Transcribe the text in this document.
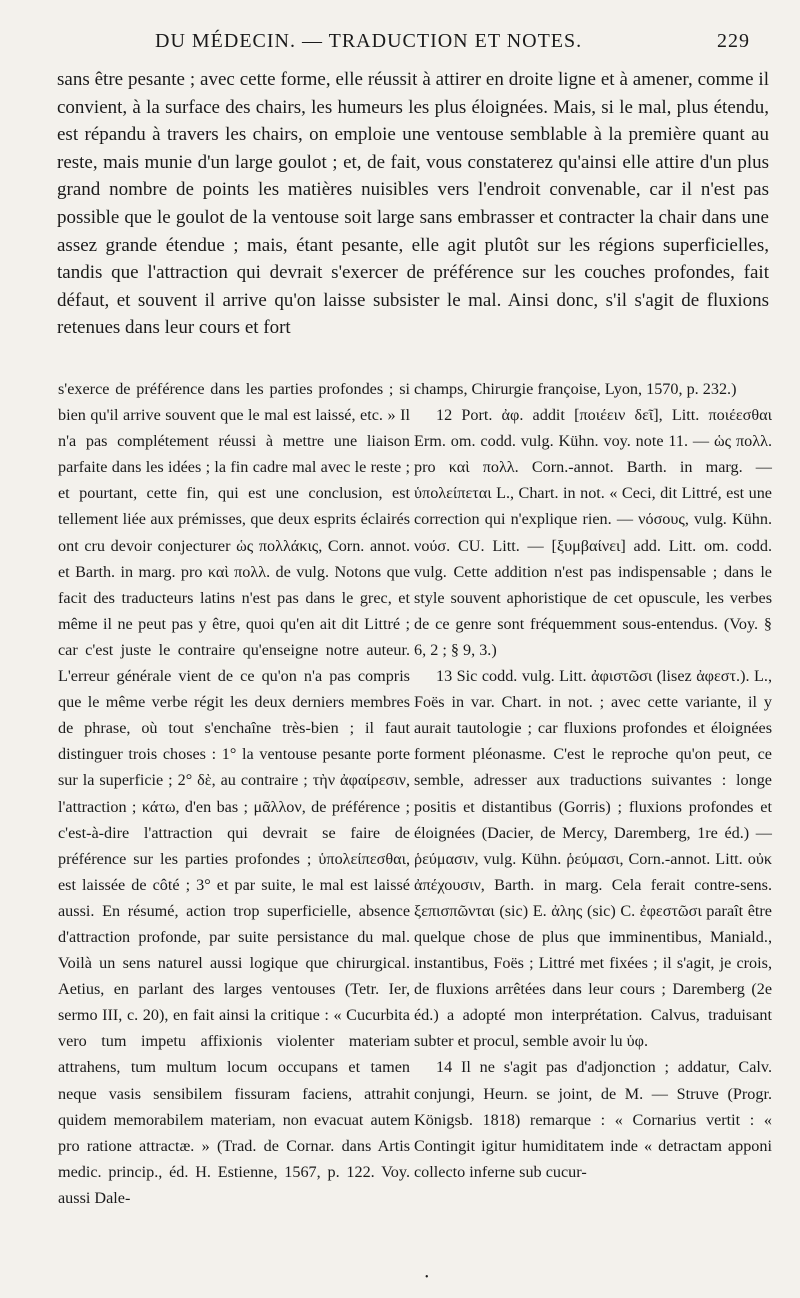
DU MÉDECIN. — TRADUCTION ET NOTES.	229

sans être pesante ; avec cette forme, elle réussit à attirer en droite ligne et à amener, comme il convient, à la surface des chairs, les humeurs les plus éloignées. Mais, si le mal, plus étendu, est répandu à travers les chairs, on emploie une ventouse semblable à la première quant au reste, mais munie d'un large goulot ; et, de fait, vous constaterez qu'ainsi elle attire d'un plus grand nombre de points les matières nuisibles vers l'endroit convenable, car il n'est pas possible que le goulot de la ventouse soit large sans embrasser et contracter la chair dans une assez grande étendue ; mais, étant pesante, elle agit plutôt sur les régions superficielles, tandis que l'attraction qui devrait s'exercer de préférence sur les couches profondes, fait défaut, et souvent il arrive qu'on laisse subsister le mal. Ainsi donc, s'il s'agit de fluxions retenues dans leur cours et fort

s'exerce de préférence dans les parties profondes ; si bien qu'il arrive souvent que le mal est laissé, etc. » Il n'a pas complétement réussi à mettre une liaison parfaite dans les idées ; la fin cadre mal avec le reste ; et pourtant, cette fin, qui est une conclusion, est tellement liée aux prémisses, que deux esprits éclairés ont cru devoir conjecturer ὡς πολλάκις, Corn. annot. et Barth. in marg. pro καὶ πολλ. de vulg. Notons que facit des traducteurs latins n'est pas dans le grec, et même il ne peut pas y être, quoi qu'en ait dit Littré ; car c'est juste le contraire qu'enseigne notre auteur. L'erreur générale vient de ce qu'on n'a pas compris que le même verbe régit les deux derniers membres de phrase, où tout s'enchaîne très-bien ; il faut distinguer trois choses : 1° la ventouse pesante porte sur la superficie ; 2° δὲ, au contraire ; τὴν ἀφαίρεσιν, l'attraction ; κάτω, d'en bas ; μᾶλλον, de préférence ; c'est-à-dire l'attraction qui devrait se faire de préférence sur les parties profondes ; ὑπολείπεσθαι, est laissée de côté ; 3° et par suite, le mal est laissé aussi. En résumé, action trop superficielle, absence d'attraction profonde, par suite persistance du mal. Voilà un sens naturel aussi logique que chirurgical. Aetius, en parlant des larges ventouses (Tetr. Ier, sermo III, c. 20), en fait ainsi la critique : « Cucurbita vero tum impetu affixionis violenter materiam attrahens, tum multum locum occupans et tamen neque vasis sensibilem fissuram faciens, attrahit quidem memorabilem materiam, non evacuat autem pro ratione attractæ. » (Trad. de Cornar. dans Artis medic. princip., éd. H. Estienne, 1567, p. 122. Voy. aussi Dale-

champs, Chirurgie françoise, Lyon, 1570, p. 232.)

12 Port. ἀφ. addit [ποιέειν δεῖ], Litt. ποιέεσθαι Erm. om. codd. vulg. Kühn. voy. note 11. — ὡς πολλ. pro καὶ πολλ. Corn.-annot. Barth. in marg. — ὑπολείπεται L., Chart. in not. « Ceci, dit Littré, est une correction qui n'explique rien. — νόσους, vulg. Kühn. νούσ. CU. Litt. — [ξυμβαίνει] add. Litt. om. codd. vulg. Cette addition n'est pas indispensable ; dans le style souvent aphoristique de cet opuscule, les verbes de ce genre sont fréquemment sous-entendus. (Voy. § 6, 2 ; § 9, 3.)

13 Sic codd. vulg. Litt. ἀφιστῶσι (lisez ἀφεστ.). L., Foës in var. Chart. in not. ; avec cette variante, il y aurait tautologie ; car fluxions profondes et éloignées forment pléonasme. C'est le reproche qu'on peut, ce semble, adresser aux traductions suivantes : longe positis et distantibus (Gorris) ; fluxions profondes et éloignées (Dacier, de Mercy, Daremberg, 1re éd.) — ῥεύμασιν, vulg. Kühn. ῥεύμασι, Corn.-annot. Litt. οὐκ ἀπέχουσιν, Barth. in marg. Cela ferait contre-sens. ξεπισπῶνται (sic) E. ἀλης (sic) C. ἐφεστῶσι paraît être quelque chose de plus que imminentibus, Maniald., instantibus, Foës ; Littré met fixées ; il s'agit, je crois, de fluxions arrêtées dans leur cours ; Daremberg (2e éd.) a adopté mon interprétation. Calvus, traduisant subter et procul, semble avoir lu ὑφ.

14 Il ne s'agit pas d'adjonction ; addatur, Calv. conjungi, Heurn. se joint, de M. — Struve (Progr. Königsb. 1818) remarque : « Cornarius vertit : « Contingit igitur humiditatem inde « detractam apponi collecto inferne sub cucur-

•
